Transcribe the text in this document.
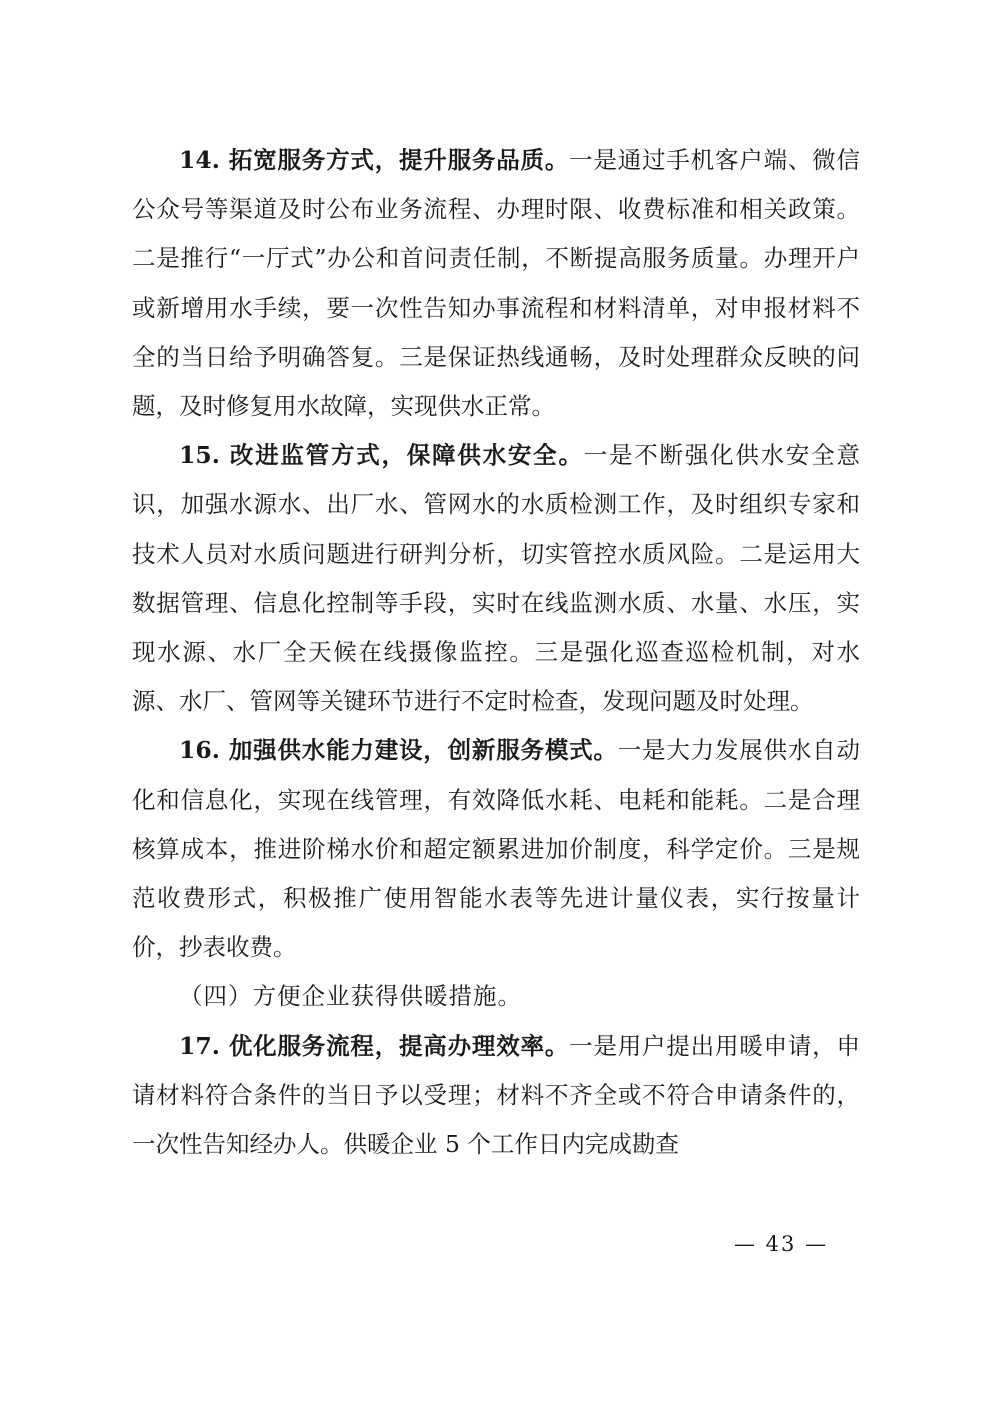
14. 拓宽服务方式，提升服务品质。一是通过手机客户端、微信公众号等渠道及时公布业务流程、办理时限、收费标准和相关政策。二是推行“一厅式”办公和首问责任制，不断提高服务质量。办理开户或新增用水手续，要一次性告知办事流程和材料清单，对申报材料不全的当日给予明确答复。三是保证热线通畅，及时处理群众反映的问题，及时修复用水故障，实现供水正常。

15. 改进监管方式，保障供水安全。一是不断强化供水安全意识，加强水源水、出厂水、管网水的水质检测工作，及时组织专家和技术人员对水质问题进行研判分析，切实管控水质风险。二是运用大数据管理、信息化控制等手段，实时在线监测水质、水量、水压，实现水源、水厂全天候在线摄像监控。三是强化巡查巡检机制，对水源、水厂、管网等关键环节进行不定时检查，发现问题及时处理。

16. 加强供水能力建设，创新服务模式。一是大力发展供水自动化和信息化，实现在线管理，有效降低水耗、电耗和能耗。二是合理核算成本，推进阶梯水价和超定额累进加价制度，科学定价。三是规范收费形式，积极推广使用智能水表等先进计量仪表，实行按量计价，抄表收费。

（四）方便企业获得供暖措施。

17. 优化服务流程，提高办理效率。一是用户提出用暖申请，申请材料符合条件的当日予以受理；材料不齐全或不符合申请条件的，一次性告知经办人。供暖企业 5 个工作日内完成勘查

— 43 —
